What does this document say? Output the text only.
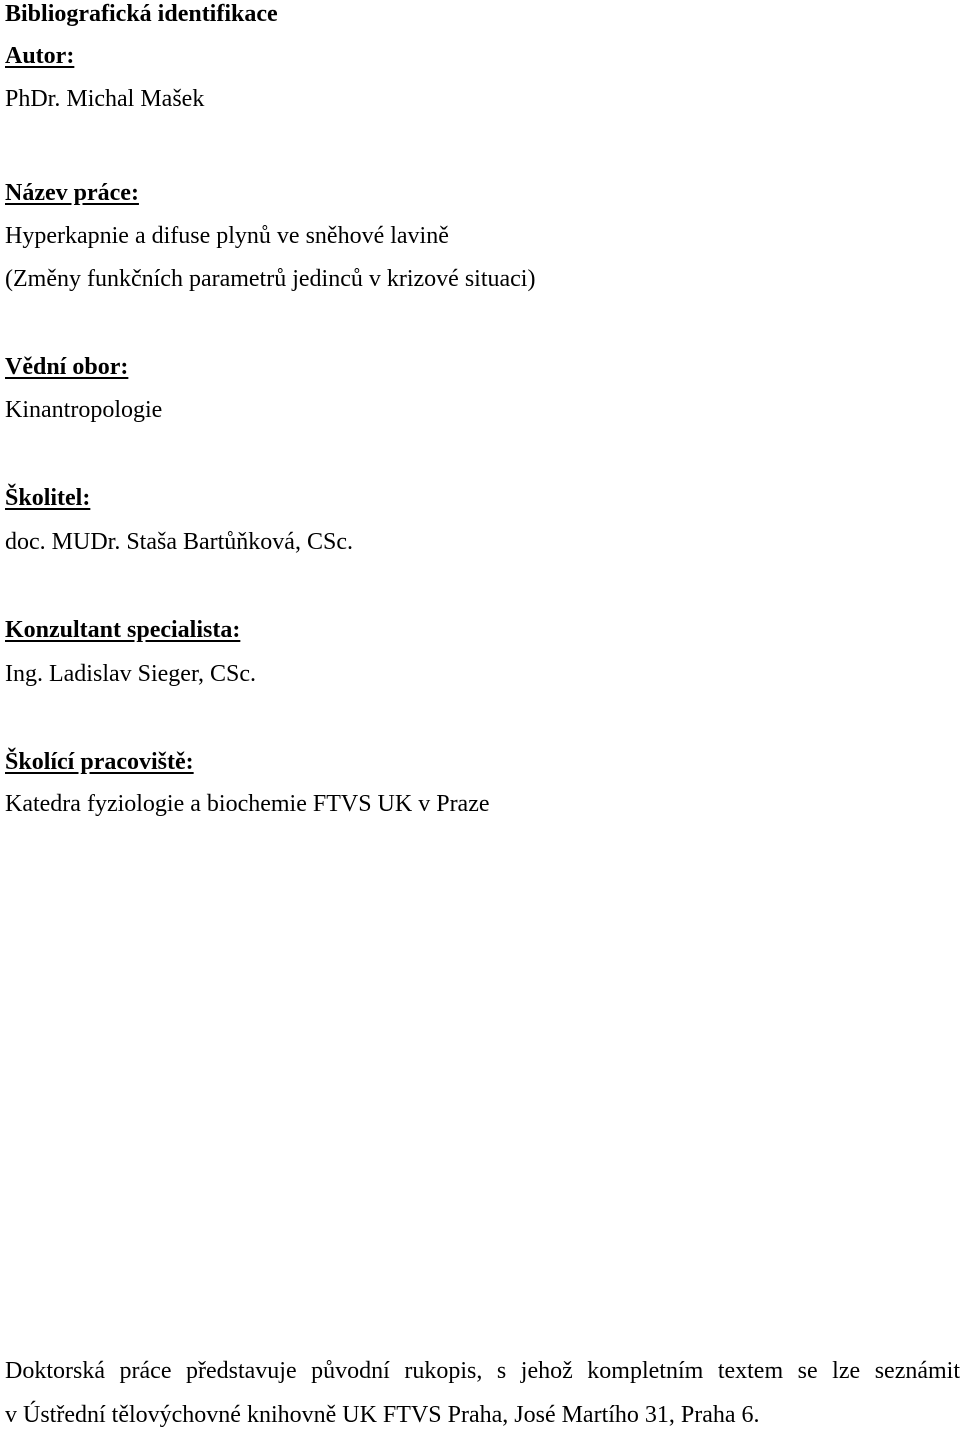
Bibliografická identifikace
Autor:
PhDr. Michal Mašek
Název práce:
Hyperkapnie a difuse plynů ve sněhové lavině
(Změny funkčních parametrů jedinců v krizové situaci)
Vědní obor:
Kinantropologie
Školitel:
doc. MUDr. Staša Bartůňková, CSc.
Konzultant specialista:
Ing. Ladislav Sieger, CSc.
Školící pracoviště:
Katedra fyziologie a biochemie FTVS UK v Praze
Doktorská práce představuje původní rukopis, s jehož kompletním textem se lze seznámit
v Ústřední tělovýchovné knihovně UK FTVS Praha, José Martího 31, Praha 6.
